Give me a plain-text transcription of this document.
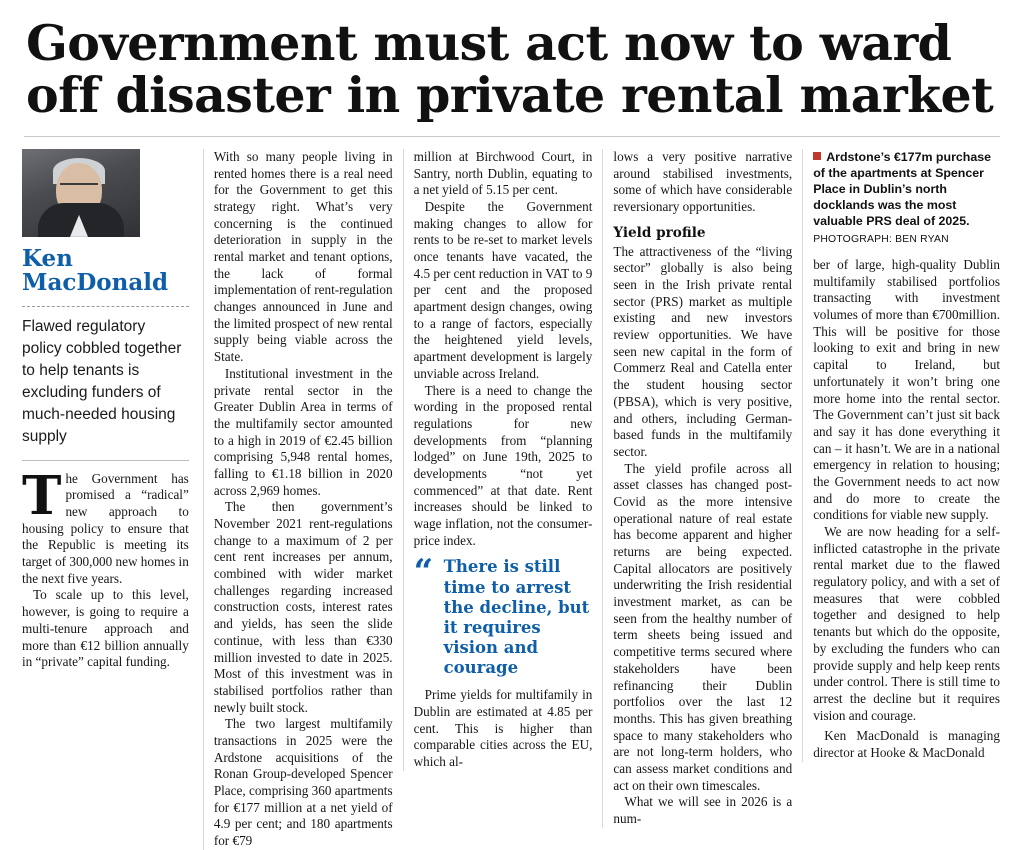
Government must act now to ward
off disaster in private rental market
Ken
MacDonald
Flawed regulatory policy cobbled together to help tenants is excluding funders of much-needed housing supply

The Government has promised a “radical” new approach to housing policy to ensure that the Republic is meeting its target of 300,000 new homes in the next five years.

To scale up to this level, however, is going to require a multi-tenure approach and more than €12 billion annually in “private” capital funding.

With so many people living in rented homes there is a real need for the Government to get this strategy right. What’s very concerning is the continued deterioration in supply in the rental market and tenant options, the lack of formal implementation of rent-regulation changes announced in June and the limited prospect of new rental supply being viable across the State.

Institutional investment in the private rental sector in the Greater Dublin Area in terms of the multifamily sector amounted to a high in 2019 of €2.45 billion comprising 5,948 rental homes, falling to €1.18 billion in 2020 across 2,969 homes.

The then government’s November 2021 rent-regulations change to a maximum of 2 per cent rent increases per annum, combined with wider market challenges regarding increased construction costs, interest rates and yields, has seen the slide continue, with less than €330 million invested to date in 2025. Most of this investment was in stabilised portfolios rather than newly built stock.

The two largest multifamily transactions in 2025 were the Ardstone acquisitions of the Ronan Group-developed Spencer Place, comprising 360 apartments for €177 million at a net yield of 4.9 per cent; and 180 apartments for €79

million at Birchwood Court, in Santry, north Dublin, equating to a net yield of 5.15 per cent.

Despite the Government making changes to allow for rents to be re-set to market levels once tenants have vacated, the 4.5 per cent reduction in VAT to 9 per cent and the proposed apartment design changes, owing to a range of factors, especially the heightened yield levels, apartment development is largely unviable across Ireland.

There is a need to change the wording in the proposed rental regulations for new developments from “planning lodged” on June 19th, 2025 to developments “not yet commenced” at that date. Rent increases should be linked to wage inflation, not the consumer-price index.

“ There is still time to arrest the decline, but it requires vision and courage

Prime yields for multifamily in Dublin are estimated at 4.85 per cent. This is higher than comparable cities across the EU, which al-

lows a very positive narrative around stabilised investments, some of which have considerable reversionary opportunities.

Yield profile

The attractiveness of the “living sector” globally is also being seen in the Irish private rental sector (PRS) market as multiple existing and new investors review opportunities. We have seen new capital in the form of Commerz Real and Catella enter the student housing sector (PBSA), which is very positive, and others, including German-based funds in the multifamily sector.

The yield profile across all asset classes has changed post-Covid as the more intensive operational nature of real estate has become apparent and higher returns are being expected. Capital allocators are positively underwriting the Irish residential investment market, as can be seen from the healthy number of term sheets being issued and competitive terms secured where stakeholders have been refinancing their Dublin portfolios over the last 12 months. This has given breathing space to many stakeholders who are not long-term holders, who can assess market conditions and act on their own timescales.

What we will see in 2026 is a num-

Ardstone’s €177m purchase of the apartments at Spencer Place in Dublin’s north docklands was the most valuable PRS deal of 2025. PHOTOGRAPH: BEN RYAN

ber of large, high-quality Dublin multifamily stabilised portfolios transacting with investment volumes of more than €700million. This will be positive for those looking to exit and bring in new capital to Ireland, but unfortunately it won’t bring one more home into the rental sector. The Government can’t just sit back and say it has done everything it can – it hasn’t. We are in a national emergency in relation to housing; the Government needs to act now and do more to create the conditions for viable new supply.

We are now heading for a self-inflicted catastrophe in the private rental market due to the flawed regulatory policy, and with a set of measures that were cobbled together and designed to help tenants but which do the opposite, by excluding the funders who can provide supply and help keep rents under control. There is still time to arrest the decline but it requires vision and courage.

Ken MacDonald is managing director at Hooke & MacDonald
